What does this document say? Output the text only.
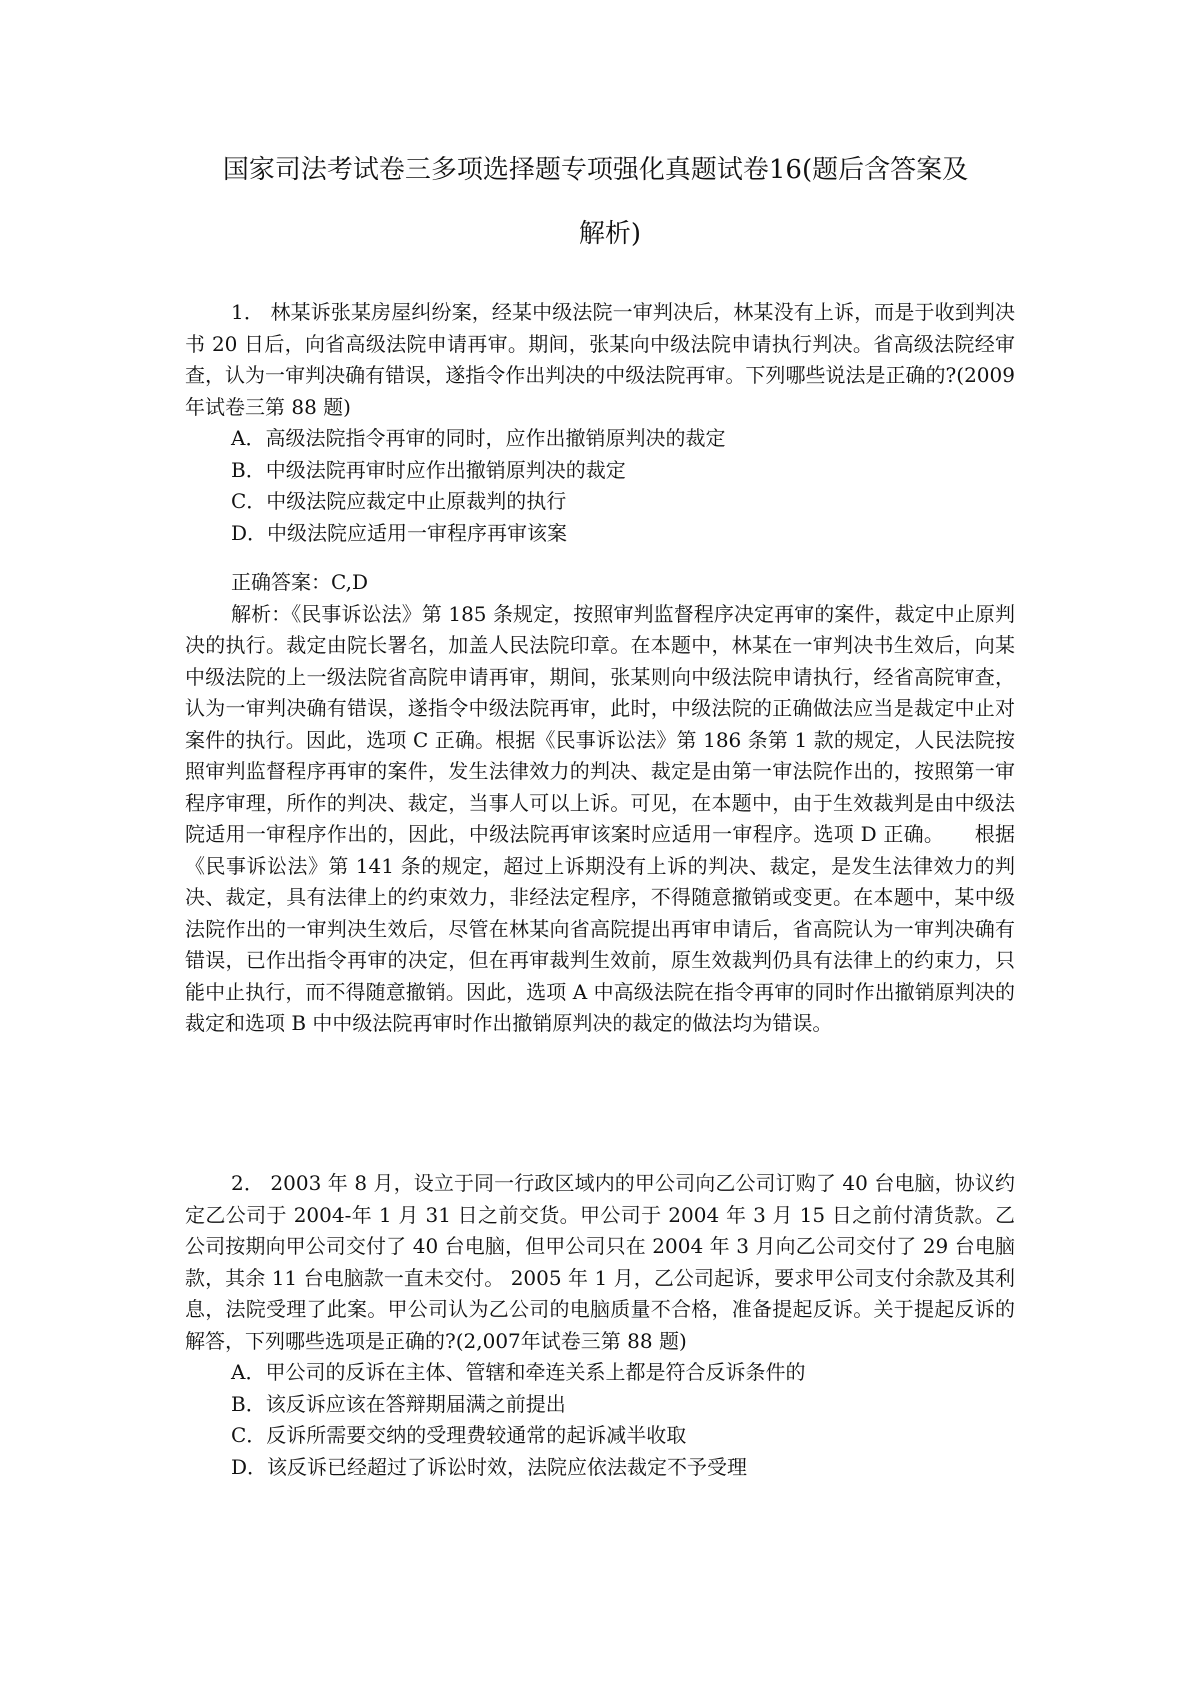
国家司法考试卷三多项选择题专项强化真题试卷16(题后含答案及
解析)

1． 林某诉张某房屋纠纷案，经某中级法院一审判决后，林某没有上诉，而是于收到判决书 20 日后，向省高级法院申请再审。期间，张某向中级法院申请执行判决。省高级法院经审查，认为一审判决确有错误，遂指令作出判决的中级法院再审。下列哪些说法是正确的?(2009年试卷三第 88 题)

A．高级法院指令再审的同时，应作出撤销原判决的裁定

B．中级法院再审时应作出撤销原判决的裁定

C．中级法院应裁定中止原裁判的执行

D．中级法院应适用一审程序再审该案

正确答案：C,D

解析：《民事诉讼法》第 185 条规定，按照审判监督程序决定再审的案件，裁定中止原判决的执行。裁定由院长署名，加盖人民法院印章。在本题中，林某在一审判决书生效后，向某中级法院的上一级法院省高院申请再审，期间，张某则向中级法院申请执行，经省高院审查，认为一审判决确有错误，遂指令中级法院再审，此时，中级法院的正确做法应当是裁定中止对案件的执行。因此，选项 C 正确。根据《民事诉讼法》第 186 条第 1 款的规定，人民法院按照审判监督程序再审的案件，发生法律效力的判决、裁定是由第一审法院作出的，按照第一审程序审理，所作的判决、裁定，当事人可以上诉。可见，在本题中，由于生效裁判是由中级法院适用一审程序作出的，因此，中级法院再审该案时应适用一审程序。选项 D 正确。　　根据《民事诉讼法》第 141 条的规定，超过上诉期没有上诉的判决、裁定，是发生法律效力的判决、裁定，具有法律上的约束效力，非经法定程序，不得随意撤销或变更。在本题中，某中级法院作出的一审判决生效后，尽管在林某向省高院提出再审申请后，省高院认为一审判决确有错误，已作出指令再审的决定，但在再审裁判生效前，原生效裁判仍具有法律上的约束力，只能中止执行，而不得随意撤销。因此，选项 A 中高级法院在指令再审的同时作出撤销原判决的裁定和选项 B 中中级法院再审时作出撤销原判决的裁定的做法均为错误。

2． 2003 年 8 月，设立于同一行政区域内的甲公司向乙公司订购了 40 台电脑，协议约定乙公司于 2004-年 1 月 31 日之前交货。甲公司于 2004 年 3 月 15 日之前付清货款。乙公司按期向甲公司交付了 40 台电脑，但甲公司只在 2004 年 3 月向乙公司交付了 29 台电脑款，其余 11 台电脑款一直未交付。 2005 年 1 月，乙公司起诉，要求甲公司支付余款及其利息，法院受理了此案。甲公司认为乙公司的电脑质量不合格，准备提起反诉。关于提起反诉的解答，下列哪些选项是正确的?(2,007年试卷三第 88 题)

A．甲公司的反诉在主体、管辖和牵连关系上都是符合反诉条件的

B．该反诉应该在答辩期届满之前提出

C．反诉所需要交纳的受理费较通常的起诉减半收取

D．该反诉已经超过了诉讼时效，法院应依法裁定不予受理
